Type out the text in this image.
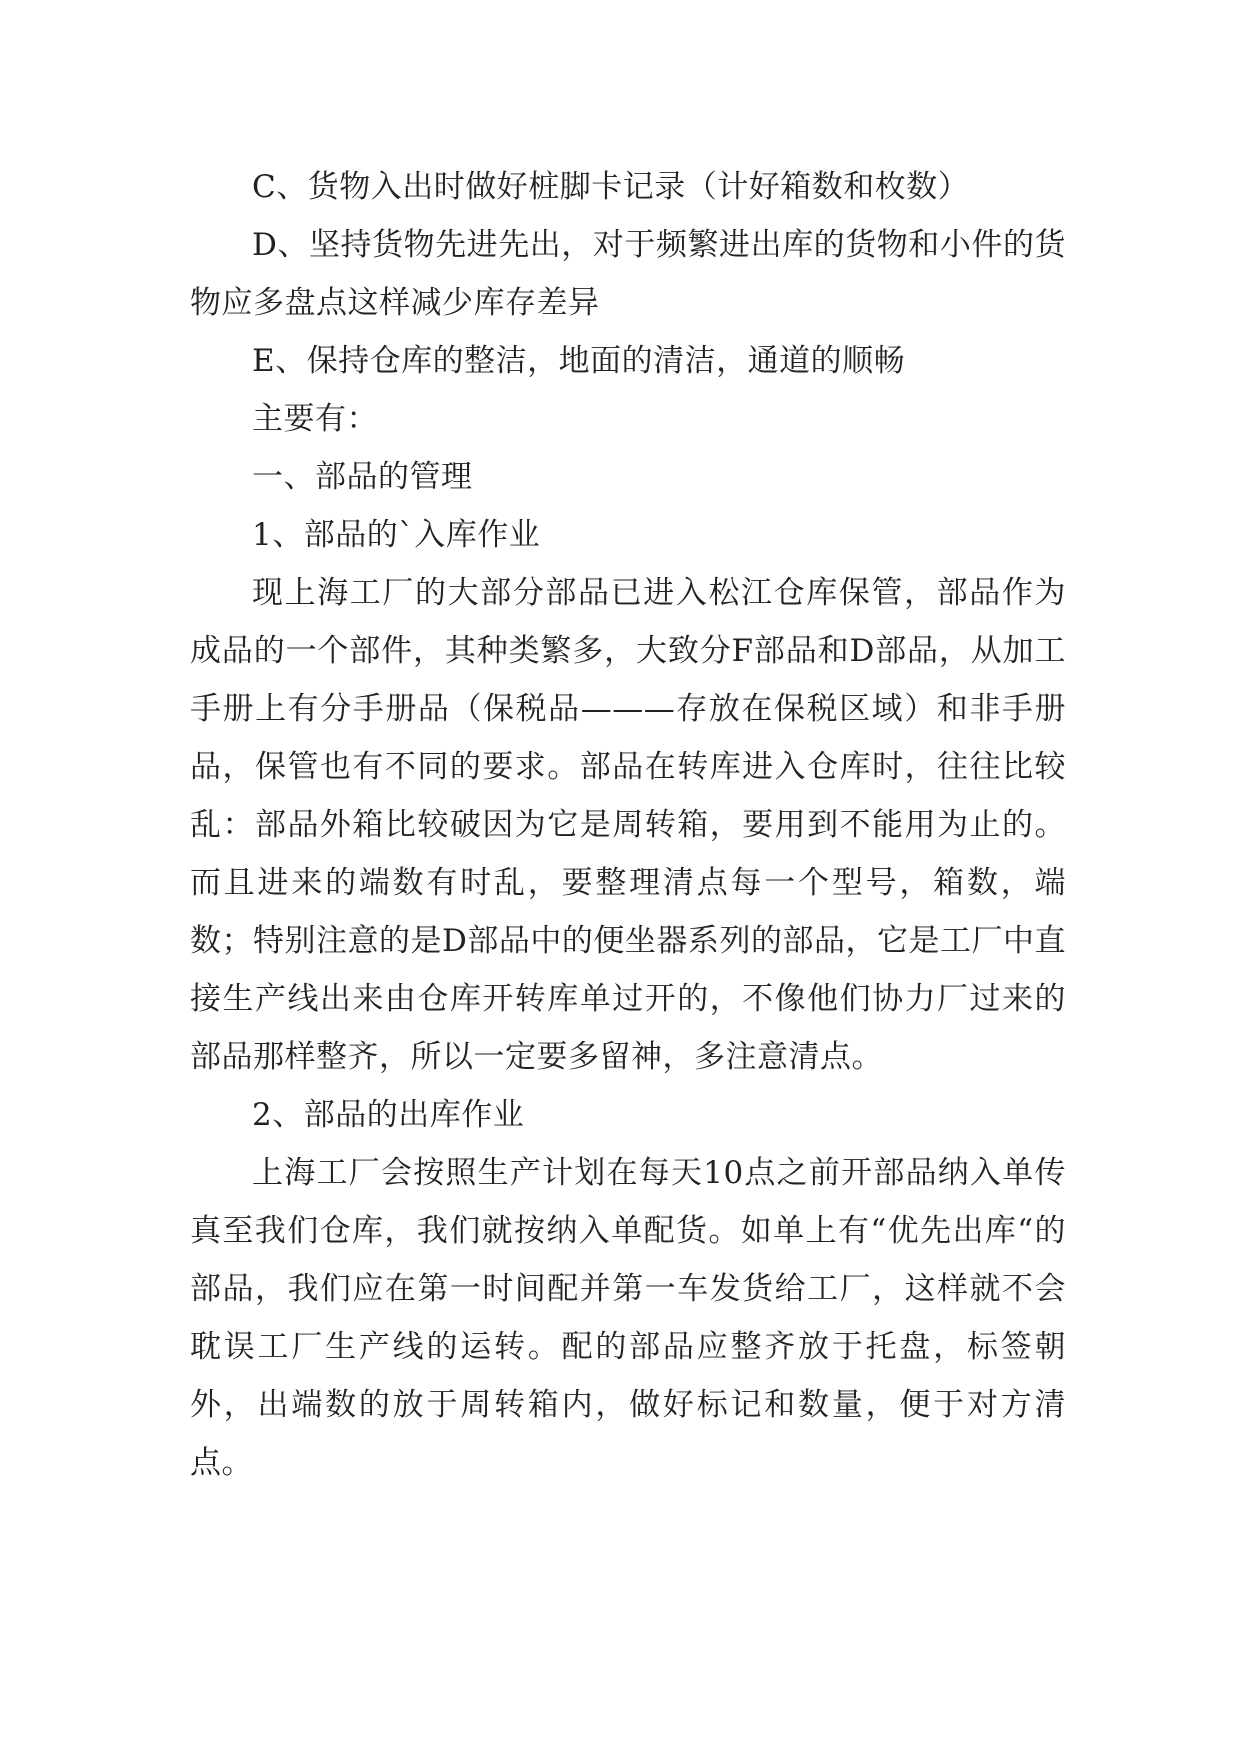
C、货物入出时做好桩脚卡记录（计好箱数和枚数）

D、坚持货物先进先出，对于频繁进出库的货物和小件的货物应多盘点这样减少库存差异

E、保持仓库的整洁，地面的清洁，通道的顺畅

主要有：

一、部品的管理

1、部品的`入库作业

现上海工厂的大部分部品已进入松江仓库保管，部品作为成品的一个部件，其种类繁多，大致分F部品和D部品，从加工手册上有分手册品（保税品———存放在保税区域）和非手册品，保管也有不同的要求。部品在转库进入仓库时，往往比较乱：部品外箱比较破因为它是周转箱，要用到不能用为止的。而且进来的端数有时乱，要整理清点每一个型号，箱数，端数；特别注意的是D部品中的便坐器系列的部品，它是工厂中直接生产线出来由仓库开转库单过开的，不像他们协力厂过来的部品那样整齐，所以一定要多留神，多注意清点。

2、部品的出库作业

上海工厂会按照生产计划在每天10点之前开部品纳入单传真至我们仓库，我们就按纳入单配货。如单上有“优先出库“的部品，我们应在第一时间配并第一车发货给工厂，这样就不会耽误工厂生产线的运转。配的部品应整齐放于托盘，标签朝外，出端数的放于周转箱内，做好标记和数量，便于对方清点。
